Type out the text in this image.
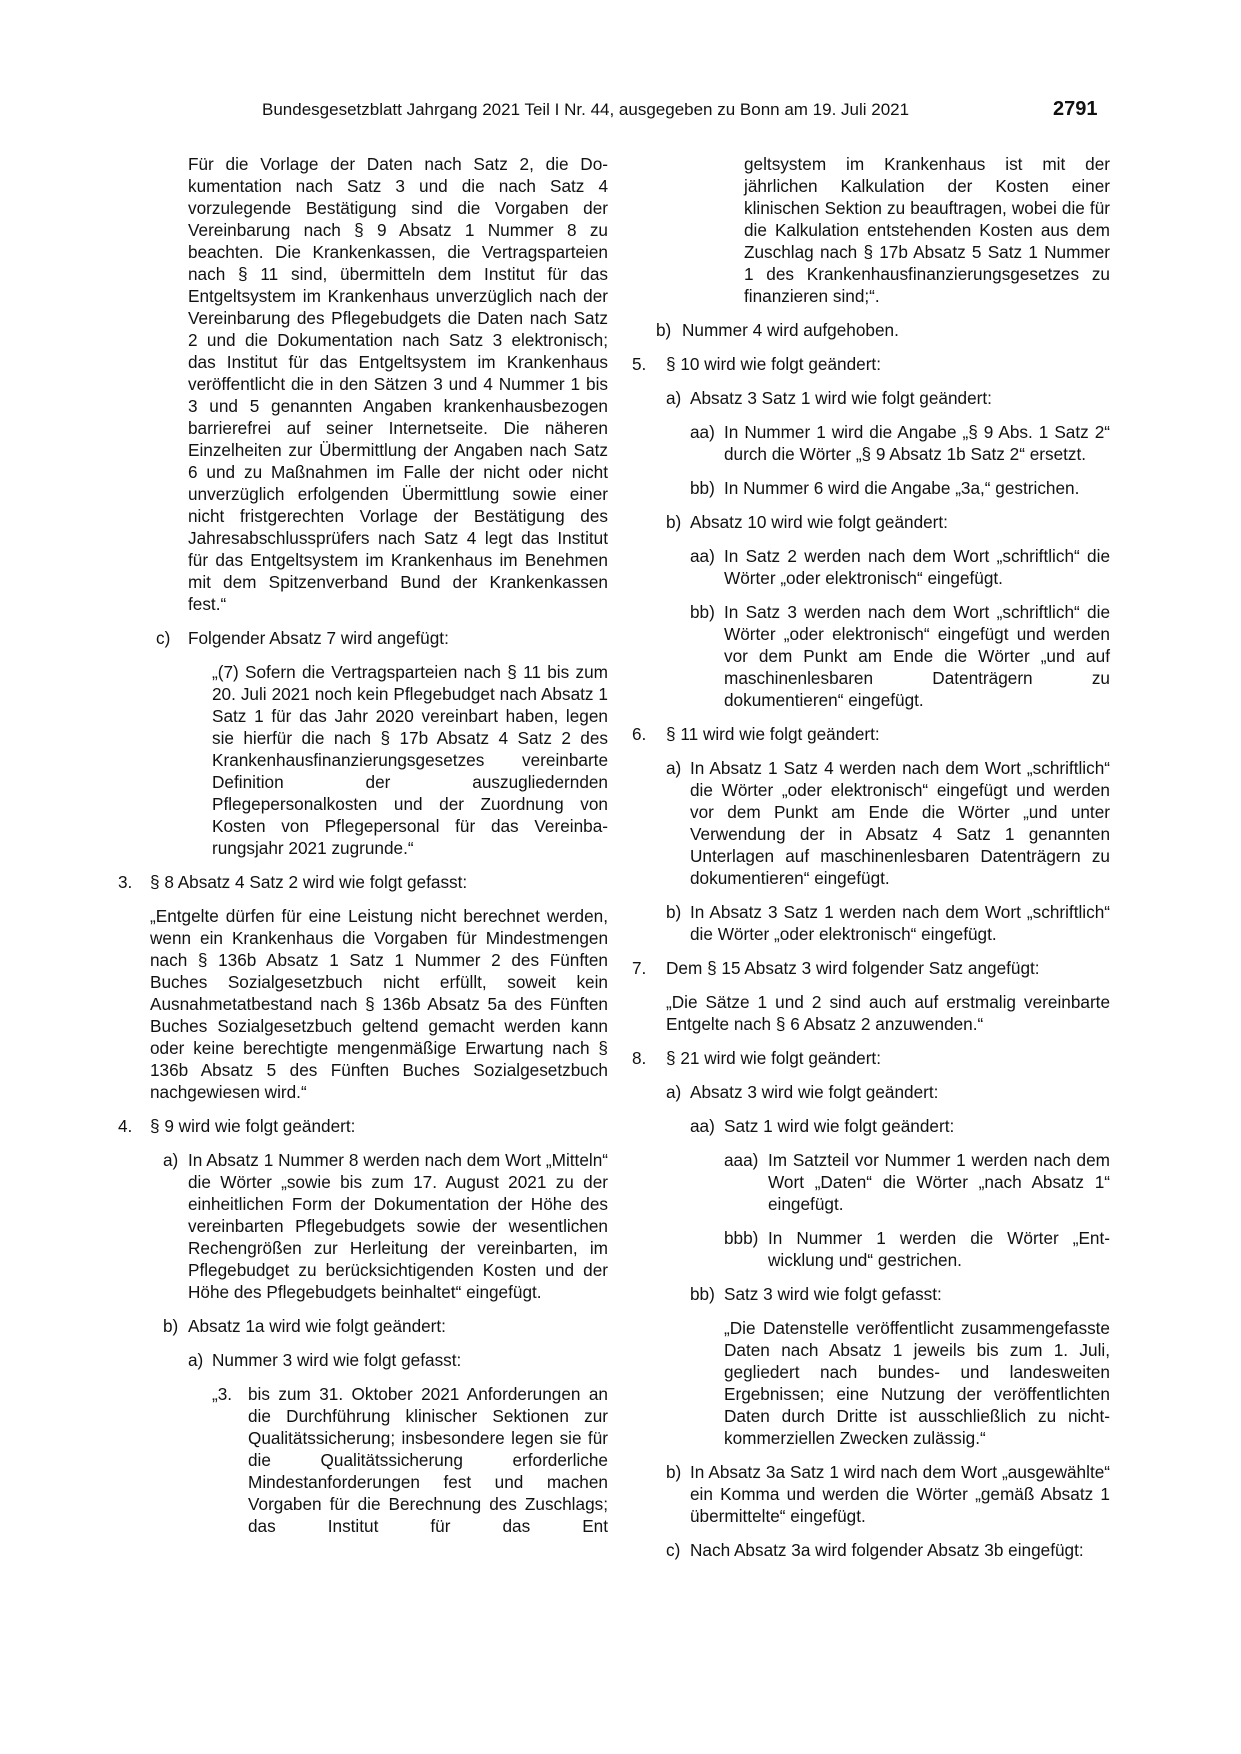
Bundesgesetzblatt Jahrgang 2021 Teil I Nr. 44, ausgegeben zu Bonn am 19. Juli 2021	2791

Für die Vorlage der Daten nach Satz 2, die Dokumentation nach Satz 3 und die nach Satz 4 vorzulegende Bestätigung sind die Vorgaben der Vereinbarung nach § 9 Absatz 1 Nummer 8 zu beachten. Die Krankenkassen, die Vertragsparteien nach § 11 sind, übermitteln dem Institut für das Entgeltsystem im Krankenhaus unverzüglich nach der Vereinbarung des Pflegebudgets die Daten nach Satz 2 und die Dokumentation nach Satz 3 elektronisch; das Institut für das Entgeltsystem im Krankenhaus veröffentlicht die in den Sätzen 3 und 4 Nummer 1 bis 3 und 5 genannten Angaben krankenhausbezogen barrierefrei auf seiner Internetseite. Die näheren Einzelheiten zur Übermittlung der Angaben nach Satz 6 und zu Maßnahmen im Falle der nicht oder nicht unverzüglich erfolgenden Übermittlung sowie einer nicht fristgerechten Vorlage der Bestätigung des Jahresabschlussprüfers nach Satz 4 legt das Institut für das Entgeltsystem im Krankenhaus im Benehmen mit dem Spitzenverband Bund der Krankenkassen fest.“

c) Folgender Absatz 7 wird angefügt:

„(7) Sofern die Vertragsparteien nach § 11 bis zum 20. Juli 2021 noch kein Pflegebudget nach Absatz 1 Satz 1 für das Jahr 2020 vereinbart haben, legen sie hierfür die nach § 17b Absatz 4 Satz 2 des Krankenhausfinanzierungsgesetzes vereinbarte Definition der auszugliedernden Pflegepersonalkosten und der Zuordnung von Kosten von Pflegepersonal für das Vereinbarungsjahr 2021 zugrunde.“

3. § 8 Absatz 4 Satz 2 wird wie folgt gefasst:

„Entgelte dürfen für eine Leistung nicht berechnet werden, wenn ein Krankenhaus die Vorgaben für Mindestmengen nach § 136b Absatz 1 Satz 1 Nummer 2 des Fünften Buches Sozialgesetzbuch nicht erfüllt, soweit kein Ausnahmetatbestand nach § 136b Absatz 5a des Fünften Buches Sozialgesetzbuch geltend gemacht werden kann oder keine berechtigte mengenmäßige Erwartung nach § 136b Absatz 5 des Fünften Buches Sozialgesetzbuch nachgewiesen wird.“

4. § 9 wird wie folgt geändert:

a) In Absatz 1 Nummer 8 werden nach dem Wort „Mitteln“ die Wörter „sowie bis zum 17. August 2021 zu der einheitlichen Form der Dokumentation der Höhe des vereinbarten Pflegebudgets sowie der wesentlichen Rechengrößen zur Herleitung der vereinbarten, im Pflegebudget zu berücksichtigenden Kosten und der Höhe des Pflegebudgets beinhaltet“ eingefügt.

b) Absatz 1a wird wie folgt geändert:

a) Nummer 3 wird wie folgt gefasst:

„3. bis zum 31. Oktober 2021 Anforderungen an die Durchführung klinischer Sektionen zur Qualitätssicherung; insbesondere legen sie für die Qualitätssicherung erforderliche Mindestanforderungen fest und machen Vorgaben für die Berechnung des Zuschlags; das Institut für das Ent

geltsystem im Krankenhaus ist mit der jährlichen Kalkulation der Kosten einer klinischen Sektion zu beauftragen, wobei die für die Kalkulation entstehenden Kosten aus dem Zuschlag nach § 17b Absatz 5 Satz 1 Nummer 1 des Krankenhausfinanzierungsgesetzes zu finanzieren sind;“.

b) Nummer 4 wird aufgehoben.

5. § 10 wird wie folgt geändert:

a) Absatz 3 Satz 1 wird wie folgt geändert:

aa) In Nummer 1 wird die Angabe „§ 9 Abs. 1 Satz 2“ durch die Wörter „§ 9 Absatz 1b Satz 2“ ersetzt.

bb) In Nummer 6 wird die Angabe „3a,“ gestrichen.

b) Absatz 10 wird wie folgt geändert:

aa) In Satz 2 werden nach dem Wort „schriftlich“ die Wörter „oder elektronisch“ eingefügt.

bb) In Satz 3 werden nach dem Wort „schriftlich“ die Wörter „oder elektronisch“ eingefügt und werden vor dem Punkt am Ende die Wörter „und auf maschinenlesbaren Datenträgern zu dokumentieren“ eingefügt.

6. § 11 wird wie folgt geändert:

a) In Absatz 1 Satz 4 werden nach dem Wort „schriftlich“ die Wörter „oder elektronisch“ eingefügt und werden vor dem Punkt am Ende die Wörter „und unter Verwendung der in Absatz 4 Satz 1 genannten Unterlagen auf maschinenlesbaren Datenträgern zu dokumentieren“ eingefügt.

b) In Absatz 3 Satz 1 werden nach dem Wort „schriftlich“ die Wörter „oder elektronisch“ eingefügt.

7. Dem § 15 Absatz 3 wird folgender Satz angefügt:

„Die Sätze 1 und 2 sind auch auf erstmalig vereinbarte Entgelte nach § 6 Absatz 2 anzuwenden.“

8. § 21 wird wie folgt geändert:

a) Absatz 3 wird wie folgt geändert:

aa) Satz 1 wird wie folgt geändert:

aaa) Im Satzteil vor Nummer 1 werden nach dem Wort „Daten“ die Wörter „nach Absatz 1“ eingefügt.

bbb) In Nummer 1 werden die Wörter „Entwicklung und“ gestrichen.

bb) Satz 3 wird wie folgt gefasst:

„Die Datenstelle veröffentlicht zusammengefasste Daten nach Absatz 1 jeweils bis zum 1. Juli, gegliedert nach bundes- und landesweiten Ergebnissen; eine Nutzung der veröffentlichten Daten durch Dritte ist ausschließlich zu nicht-kommerziellen Zwecken zulässig.“

b) In Absatz 3a Satz 1 wird nach dem Wort „ausgewählte“ ein Komma und werden die Wörter „gemäß Absatz 1 übermittelte“ eingefügt.

c) Nach Absatz 3a wird folgender Absatz 3b eingefügt:
